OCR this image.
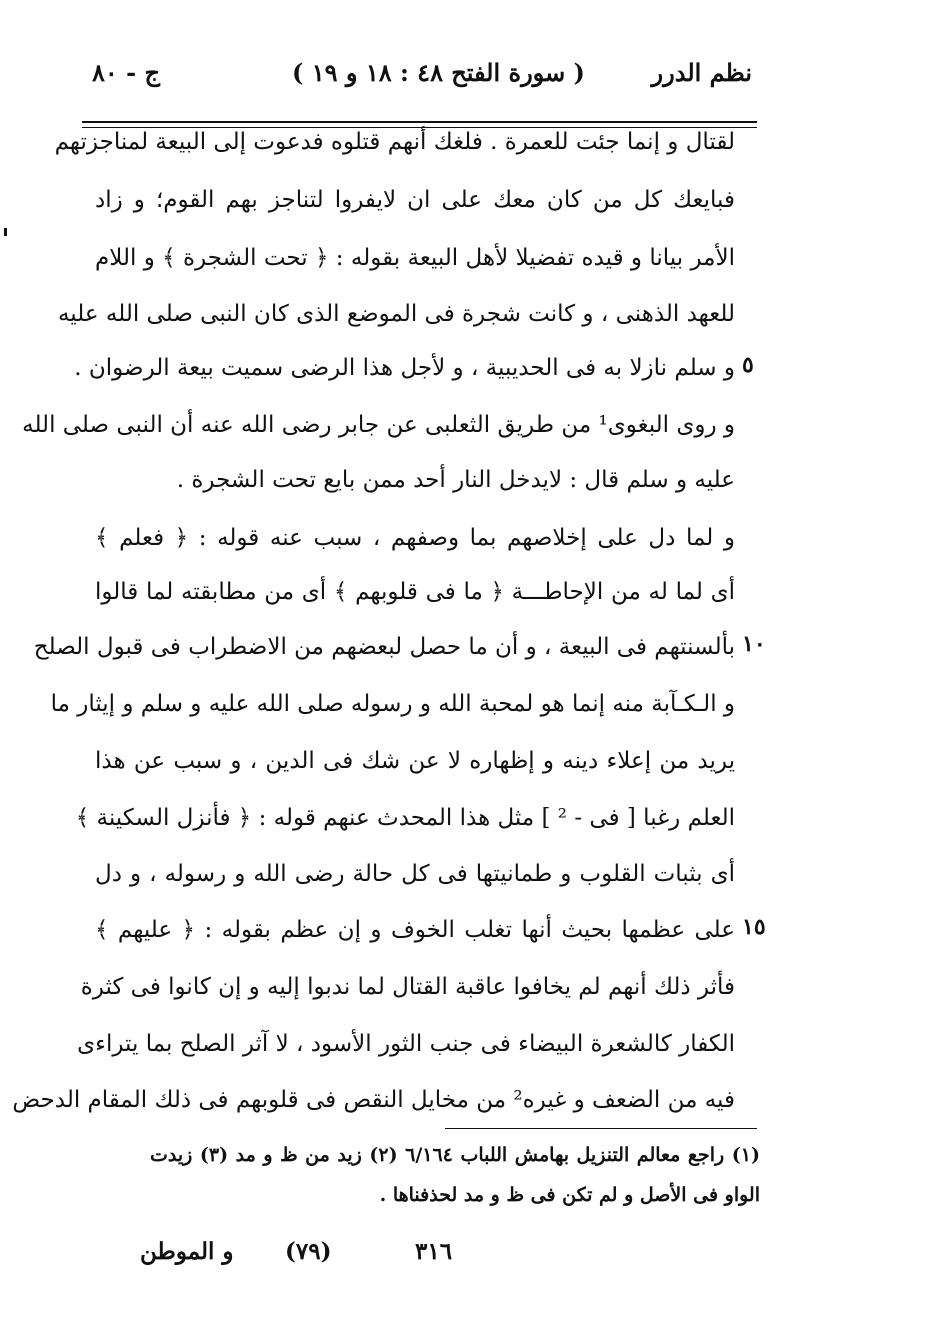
نظم الدرر
( سورة الفتح ٤٨ : ١٨ و ١٩ )
ج - ٨٠
لقتال و إنما جئت للعمرة . فلغك أنهم قتلوه فدعوت إلى البيعة لمناجزتهم
فبايعك كل من كان معك على ان لايفروا لتناجز بهم القوم؛ و زاد
الأمر بيانا و قيده تفضيلا لأهل البيعة بقوله : ﴿ تحت الشجرة ﴾ و اللام
للعهد الذهنى ، و كانت شجرة فى الموضع الذى كان النبى صلى الله عليه
و سلم نازلا به فى الحديبية ، و لأجل هذا الرضى سميت بيعة الرضوان .
و روى البغوى¹ من طريق الثعلبى عن جابر رضى الله عنه أن النبى صلى الله
عليه و سلم قال : لايدخل النار أحد ممن بايع تحت الشجرة .
و لما دل على إخلاصهم بما وصفهم ، سبب عنه قوله : ﴿ فعلم ﴾
أى لما له من الإحاطـــة ﴿ ما فى قلوبهم ﴾ أى من مطابقته لما قالوا
بألسنتهم فى البيعة ، و أن ما حصل لبعضهم من الاضطراب فى قبول الصلح
و الـكـآبة منه إنما هو لمحبة الله و رسوله صلى الله عليه و سلم و إيثار ما
يريد من إعلاء دينه و إظهاره لا عن شك فى الدين ، و سبب عن هذا
العلم رغبا [ فى - ² ] مثل هذا المحدث عنهم قوله : ﴿ فأنزل السكينة ﴾
أى بثبات القلوب و طمانيتها فى كل حالة رضى الله و رسوله ، و دل
على عظمها بحيث أنها تغلب الخوف و إن عظم بقوله : ﴿ عليهم ﴾
فأثر ذلك أنهم لم يخافوا عاقبة القتال لما ندبوا إليه و إن كانوا فى كثرة
الكفار كالشعرة البيضاء فى جنب الثور الأسود ، لا آثر الصلح بما يتراءى
فيه من الضعف و غيره² من مخايل النقص فى قلوبهم فى ذلك المقام الدحض
٥
١٠
١٥
(١) راجع معالم التنزيل بهامش اللباب ٦/١٦٤ (٢) زيد من ظ و مد (٣) زيدت
الواو فى الأصل و لم تكن فى ظ و مد لحذفناها .
و الموطن (٧٩)	٣١٦
